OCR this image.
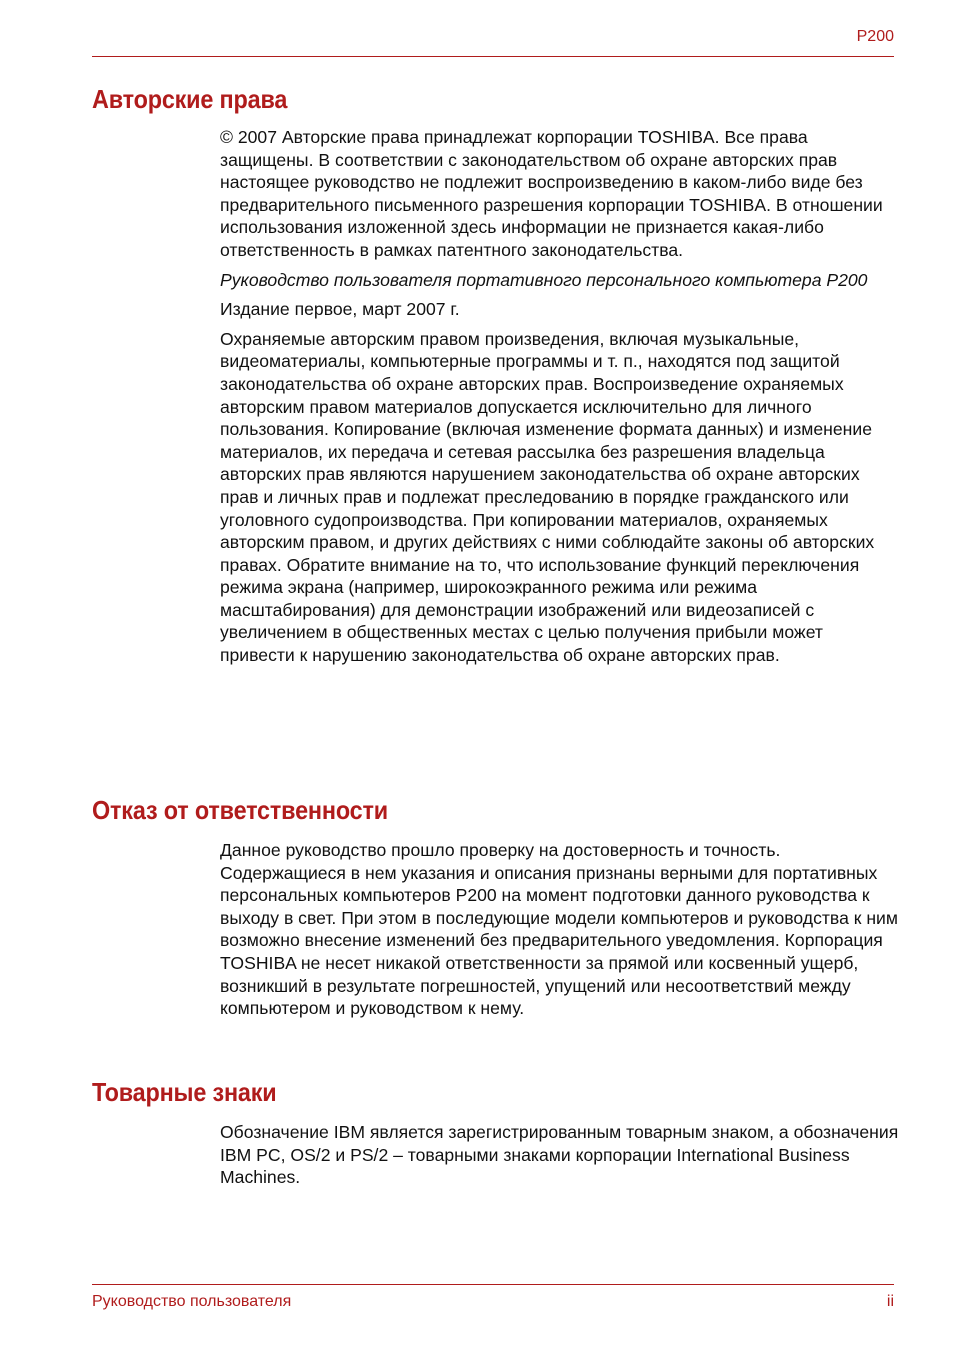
P200
Авторские права

© 2007 Авторские права принадлежат корпорации TOSHIBA. Все права защищены. В соответствии с законодательством об охране авторских прав настоящее руководство не подлежит воспроизведению в каком-либо виде без предварительного письменного разрешения корпорации TOSHIBA. В отношении использования изложенной здесь информации не признается какая-либо ответственность в рамках патентного законодательства.

Руководство пользователя портативного персонального компьютера P200

Издание первое, март 2007 г.

Охраняемые авторским правом произведения, включая музыкальные, видеоматериалы, компьютерные программы и т. п., находятся под защитой законодательства об охране авторских прав. Воспроизведение охраняемых авторским правом материалов допускается исключительно для личного пользования. Копирование (включая изменение формата данных) и изменение материалов, их передача и сетевая рассылка без разрешения владельца авторских прав являются нарушением законодательства об охране авторских прав и личных прав и подлежат преследованию в порядке гражданского или уголовного судопроизводства. При копировании материалов, охраняемых авторским правом, и других действиях с ними соблюдайте законы об авторских правах. Обратите внимание на то, что использование функций переключения режима экрана (например, широкоэкранного режима или режима масштабирования) для демонстрации изображений или видеозаписей с увеличением в общественных местах с целью получения прибыли может привести к нарушению законодательства об охране авторских прав.

Отказ от ответственности

Данное руководство прошло проверку на достоверность и точность. Содержащиеся в нем указания и описания признаны верными для портативных персональных компьютеров P200 на момент подготовки данного руководства к выходу в свет. При этом в последующие модели компьютеров и руководства к ним возможно внесение изменений без предварительного уведомления. Корпорация TOSHIBA не несет никакой ответственности за прямой или косвенный ущерб, возникший в результате погрешностей, упущений или несоответствий между компьютером и руководством к нему.

Товарные знаки

Обозначение IBM является зарегистрированным товарным знаком, а обозначения IBM PC, OS/2 и PS/2 – товарными знаками корпорации International Business Machines.

Руководство пользователя	ii
